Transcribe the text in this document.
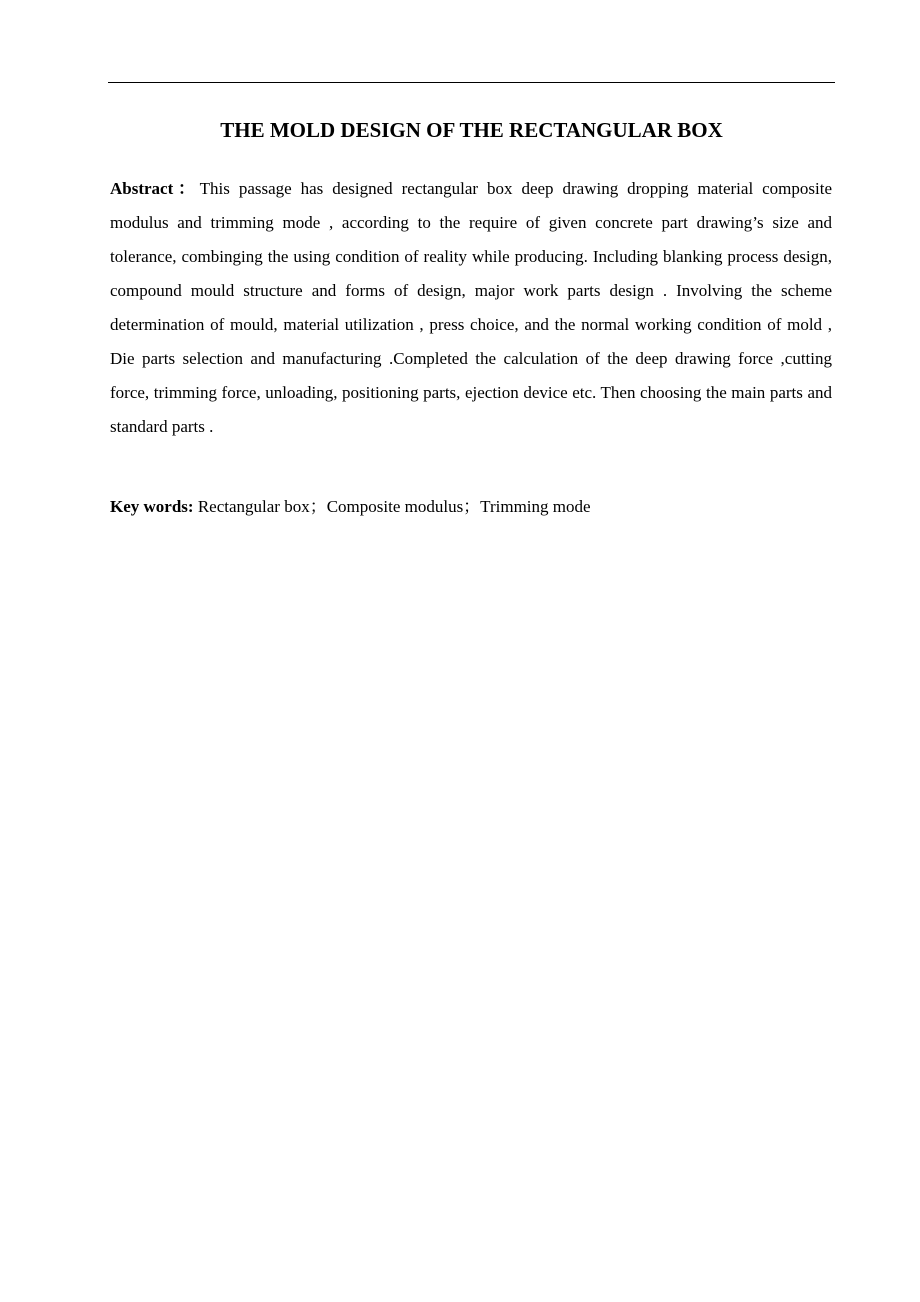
THE MOLD DESIGN OF THE RECTANGULAR BOX

Abstract：This passage has designed rectangular box deep drawing dropping material composite modulus and trimming mode , according to the require of given concrete part drawing’s size and tolerance, combinging the using condition of reality while producing. Including blanking process design, compound mould structure and forms of design, major work parts design . Involving the scheme determination of mould, material utilization , press choice, and the normal working condition of mold , Die parts selection and manufacturing .Completed the calculation of the deep drawing force ,cutting force, trimming force, unloading, positioning parts, ejection device etc. Then choosing the main parts and standard parts .

Key words: Rectangular box；Composite modulus；Trimming mode
